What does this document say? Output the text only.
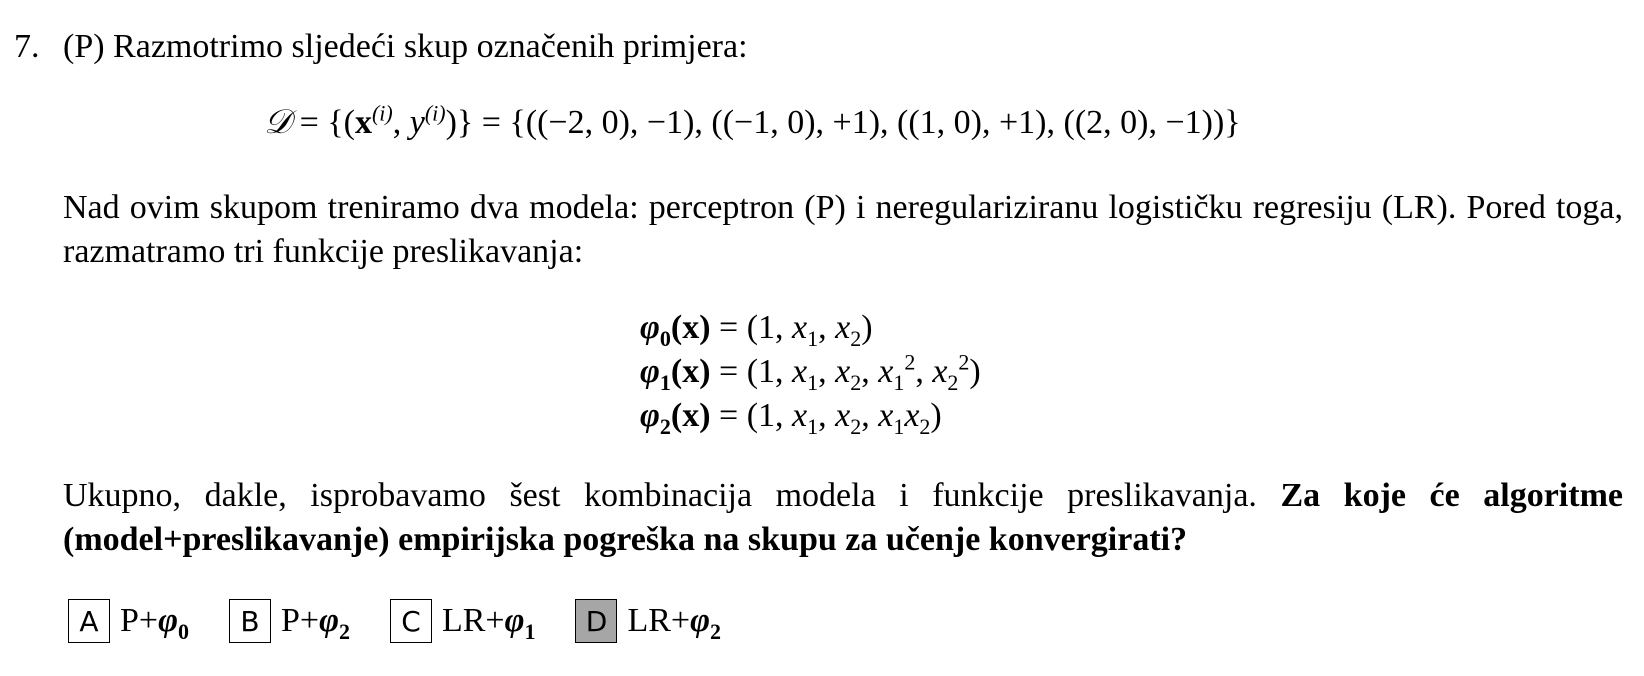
7. (P) Razmotrimo sljedeći skup označenih primjera:
𝒟 = {($x^{(i)}$, $y^{(i)})\} = \{((-2$, 0), −1), ((−1, 0), +1), ((1, 0), +1), ((2, 0), −1))}
Nad ovim skupom treniramo dva modela: perceptron (P) i neregulariziranu logističku regresiju (LR). Pored toga, razmatramo tri funkcije preslikavanja:
$\varphi_0(x) = (1$, $x_1$, $x_2$)
$\varphi_1(x) = (1$, $x_1$, $x_2$, $x_1^2$, $x_2^2$)
$\varphi_2(x) = (1$, $x_1$, $x_2$, $x_1x_2$)
Ukupno, dakle, isprobavamo šest kombinacija modela i funkcije preslikavanja. Za koje će algoritme (model+preslikavanje) empirijska pogreška na skupu za učenje konvergirati?
A $P+\varphi_0$	B $P+\varphi_2$	C $LR+\varphi_1$	D $LR+\varphi_2$
